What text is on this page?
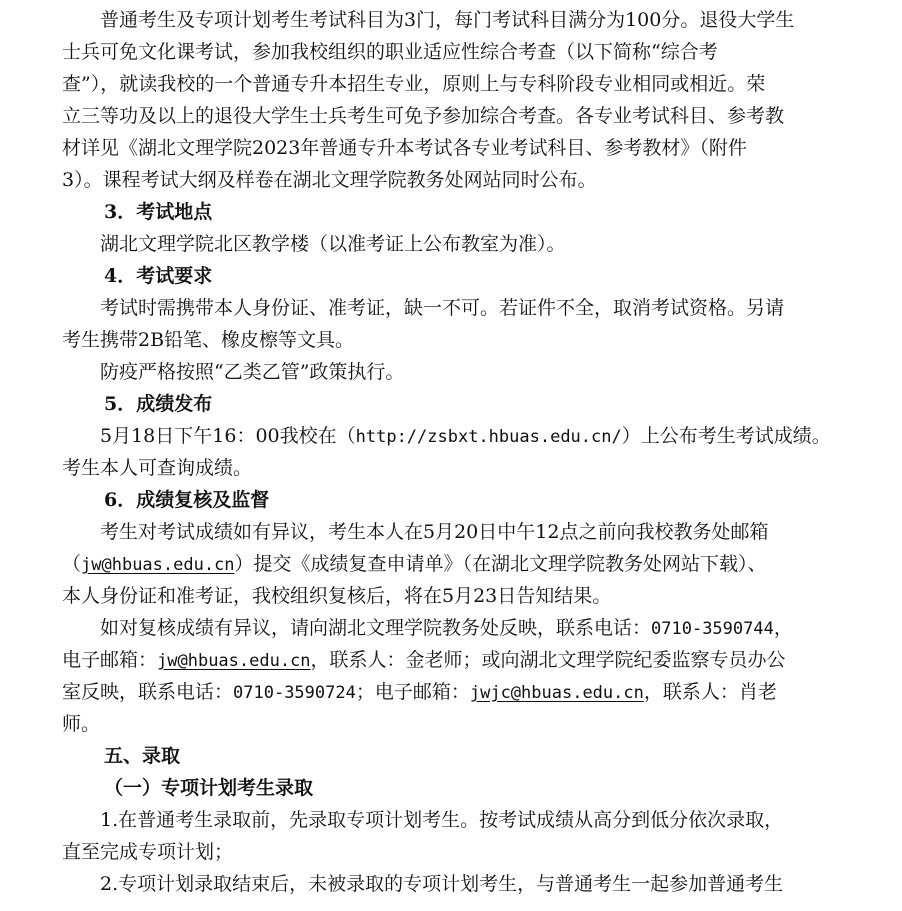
普通考生及专项计划考生考试科目为3门，每门考试科目满分为100分。退役大学生
士兵可免文化课考试，参加我校组织的职业适应性综合考查（以下简称“综合考
查”），就读我校的一个普通专升本招生专业，原则上与专科阶段专业相同或相近。荣
立三等功及以上的退役大学生士兵考生可免予参加综合考查。各专业考试科目、参考教
材详见《湖北文理学院2023年普通专升本考试各专业考试科目、参考教材》（附件
3）。课程考试大纲及样卷在湖北文理学院教务处网站同时公布。
3．考试地点
湖北文理学院北区教学楼（以准考证上公布教室为准）。
4．考试要求
考试时需携带本人身份证、准考证，缺一不可。若证件不全，取消考试资格。另请
考生携带2B铅笔、橡皮檫等文具。
防疫严格按照“乙类乙管”政策执行。
5．成绩发布
5月18日下午16：00我校在（http://zsbxt.hbuas.edu.cn/）上公布考生考试成绩。
考生本人可查询成绩。
6．成绩复核及监督
考生对考试成绩如有异议，考生本人在5月20日中午12点之前向我校教务处邮箱
（jw@hbuas.edu.cn）提交《成绩复查申请单》（在湖北文理学院教务处网站下载）、
本人身份证和准考证，我校组织复核后，将在5月23日告知结果。
如对复核成绩有异议，请向湖北文理学院教务处反映，联系电话：0710-3590744，
电子邮箱：jw@hbuas.edu.cn，联系人：金老师；或向湖北文理学院纪委监察专员办公
室反映，联系电话：0710-3590724；电子邮箱：jwjc@hbuas.edu.cn，联系人：肖老
师。
五、录取
（一）专项计划考生录取
1.在普通考生录取前，先录取专项计划考生。按考试成绩从高分到低分依次录取，
直至完成专项计划；
2.专项计划录取结束后，未被录取的专项计划考生，与普通考生一起参加普通考生
